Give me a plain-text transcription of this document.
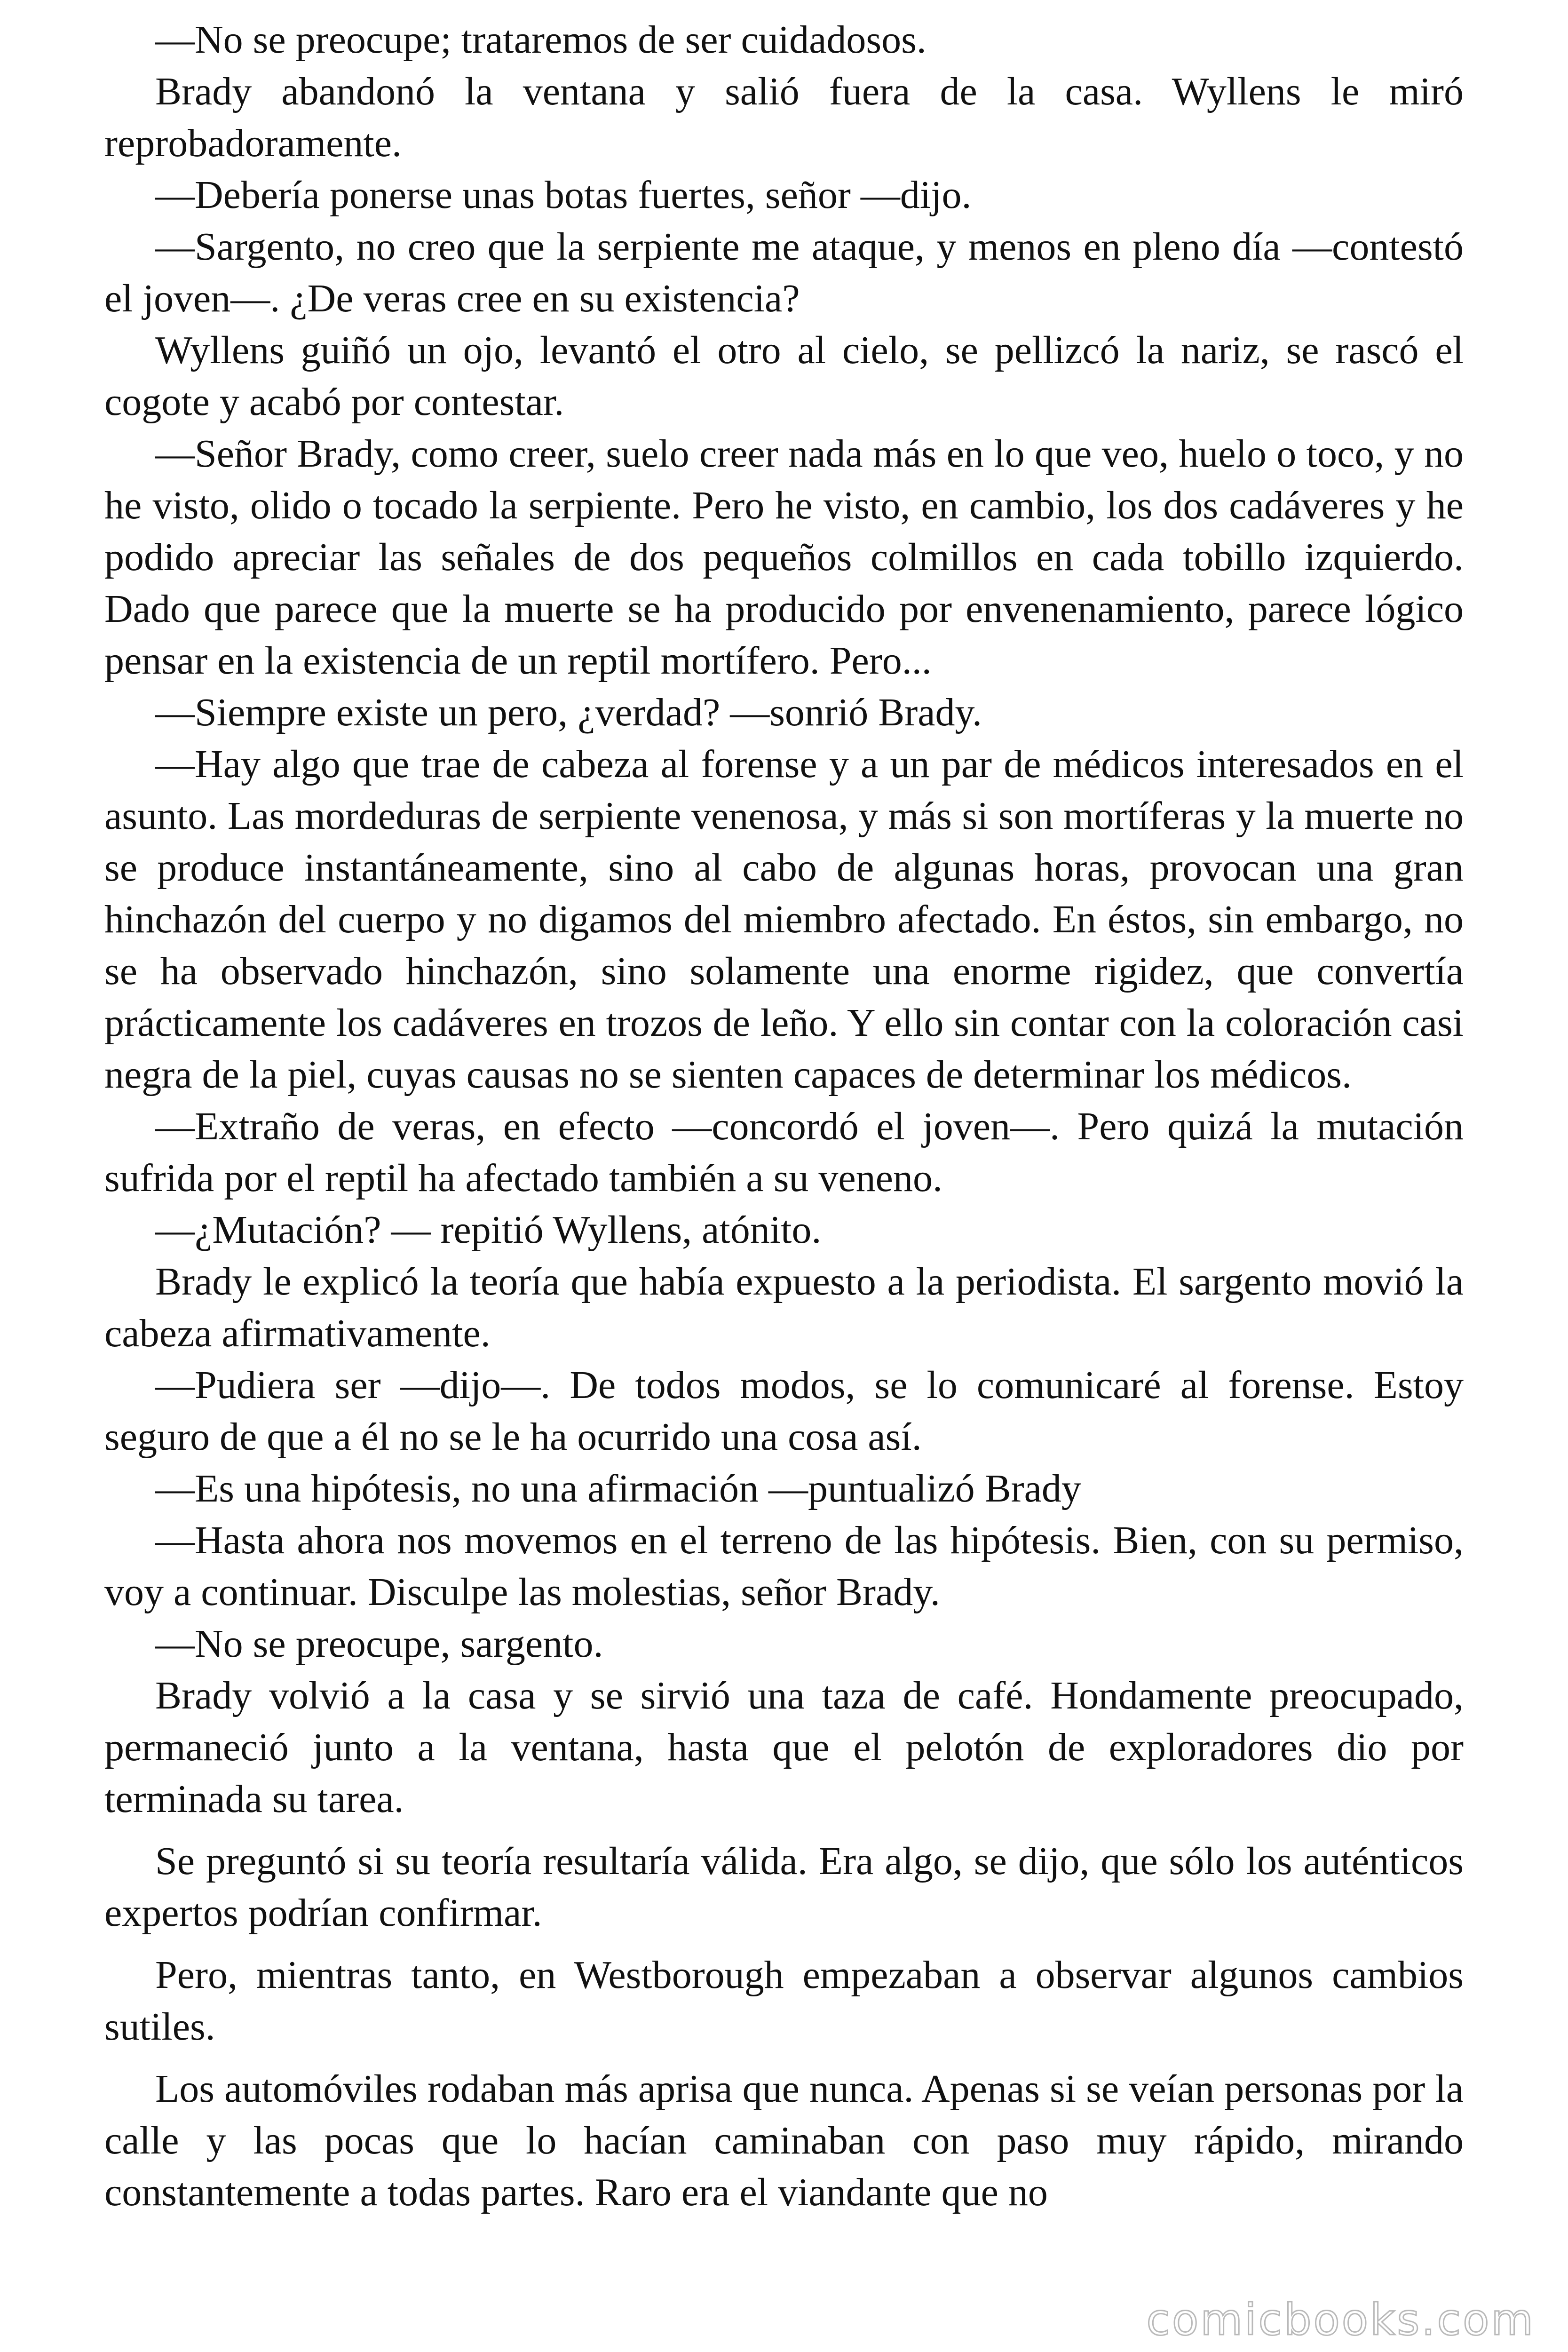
—No se preocupe; trataremos de ser cuidadosos.

Brady abandonó la ventana y salió fuera de la casa. Wyllens le miró reprobadoramente.

—Debería ponerse unas botas fuertes, señor —dijo.

—Sargento, no creo que la serpiente me ataque, y menos en pleno día —contestó el joven—. ¿De veras cree en su existencia?

Wyllens guiñó un ojo, levantó el otro al cielo, se pellizcó la nariz, se rascó el cogote y acabó por contestar.

—Señor Brady, como creer, suelo creer nada más en lo que veo, huelo o toco, y no he visto, olido o tocado la serpiente. Pero he visto, en cambio, los dos cadáveres y he podido apreciar las señales de dos pequeños colmillos en cada tobillo izquierdo. Dado que parece que la muerte se ha producido por envenenamiento, parece lógico pensar en la existencia de un reptil mortífero. Pero...

—Siempre existe un pero, ¿verdad? —sonrió Brady.

—Hay algo que trae de cabeza al forense y a un par de médicos interesados en el asunto. Las mordeduras de serpiente venenosa, y más si son mortíferas y la muerte no se produce instantáneamente, sino al cabo de algunas horas, provocan una gran hinchazón del cuerpo y no digamos del miembro afectado. En éstos, sin embargo, no se ha observado hinchazón, sino solamente una enorme rigidez, que convertía prácticamente los cadáveres en trozos de leño. Y ello sin contar con la coloración casi negra de la piel, cuyas causas no se sienten capaces de determinar los médicos.

—Extraño de veras, en efecto —concordó el joven—. Pero quizá la mutación sufrida por el reptil ha afectado también a su veneno.

—¿Mutación? — repitió Wyllens, atónito.

Brady le explicó la teoría que había expuesto a la periodista. El sargento movió la cabeza afirmativamente.

—Pudiera ser —dijo—. De todos modos, se lo comunicaré al forense. Estoy seguro de que a él no se le ha ocurrido una cosa así.

—Es una hipótesis, no una afirmación —puntualizó Brady

—Hasta ahora nos movemos en el terreno de las hipótesis. Bien, con su permiso, voy a continuar. Disculpe las molestias, señor Brady.

—No se preocupe, sargento.

Brady volvió a la casa y se sirvió una taza de café. Hondamente preocupado, permaneció junto a la ventana, hasta que el pelotón de exploradores dio por terminada su tarea.

Se preguntó si su teoría resultaría válida. Era algo, se dijo, que sólo los auténticos expertos podrían confirmar.

Pero, mientras tanto, en Westborough empezaban a observar algunos cambios sutiles.

Los automóviles rodaban más aprisa que nunca. Apenas si se veían personas por la calle y las pocas que lo hacían caminaban con paso muy rápido, mirando constantemente a todas partes. Raro era el viandante que no

comicbooks.com
